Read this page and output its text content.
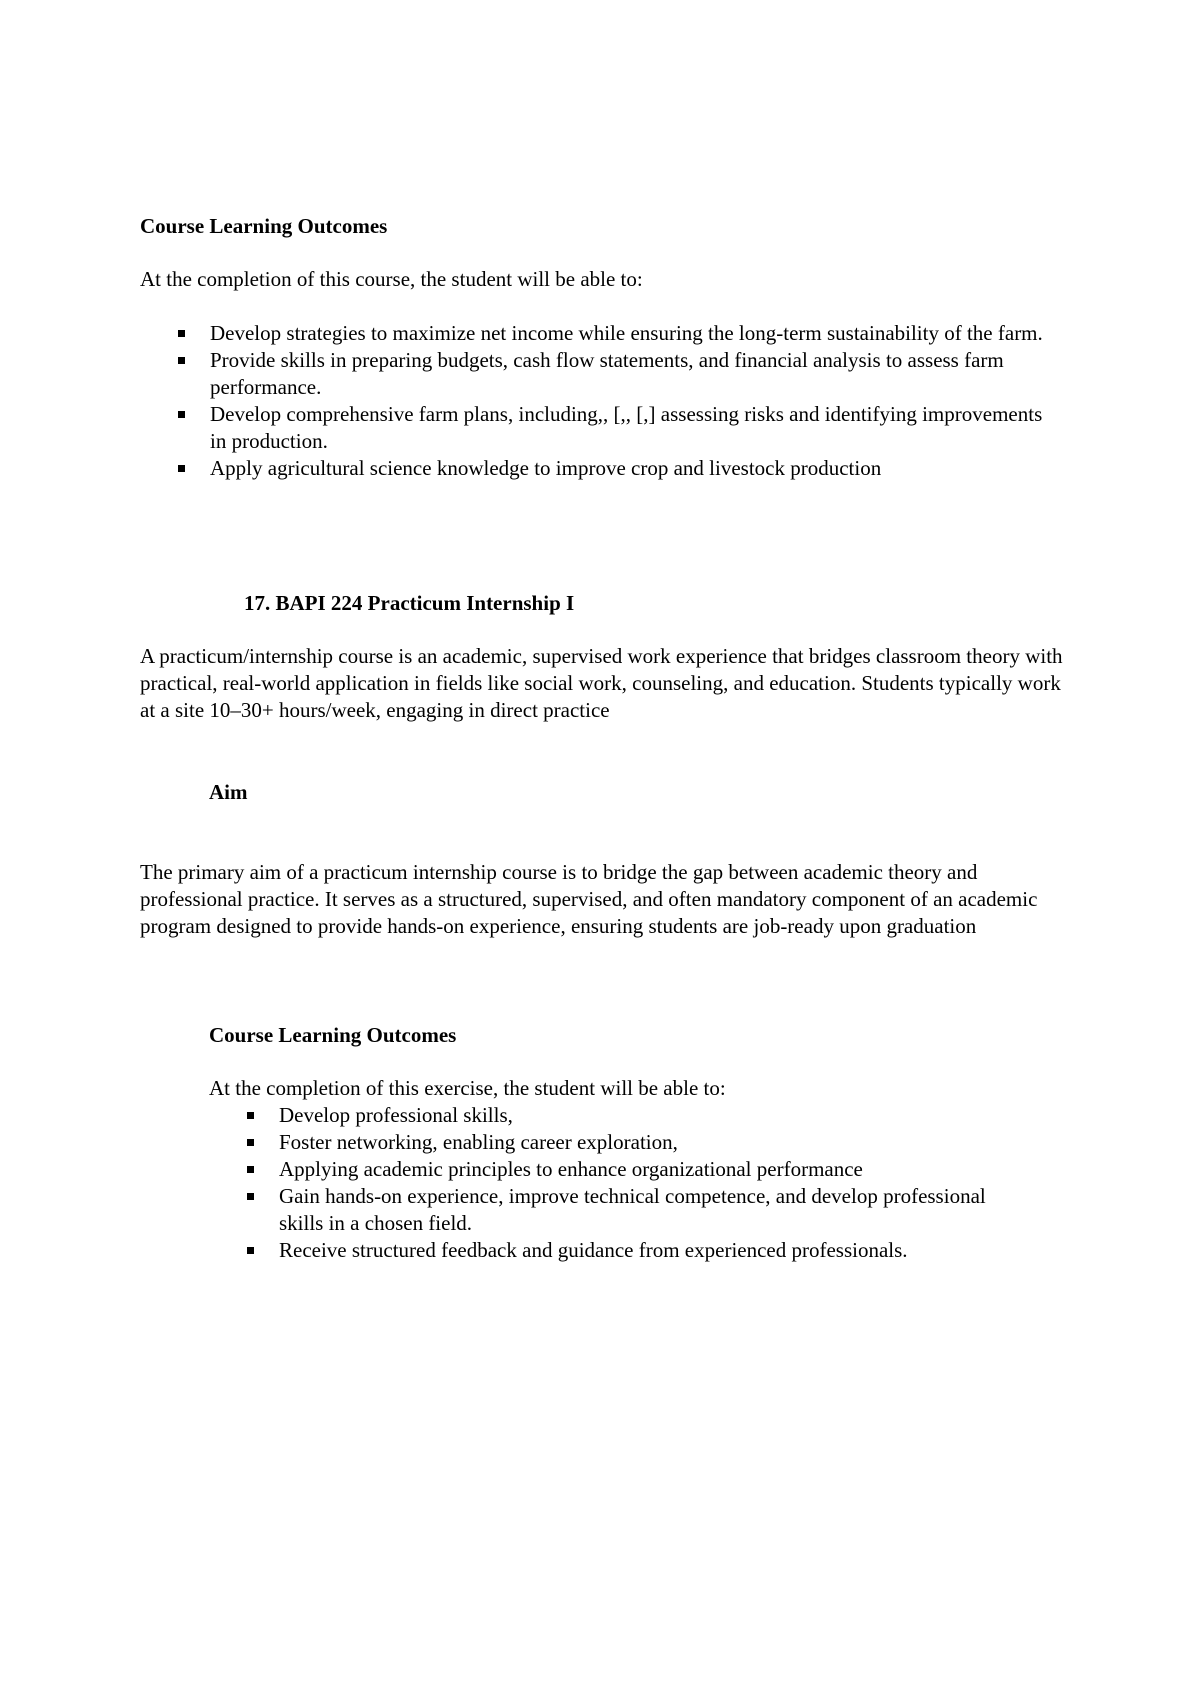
Course Learning Outcomes

At the completion of this course, the student will be able to:

Develop strategies to maximize net income while ensuring the long-term sustainability of the farm.
Provide skills in preparing budgets, cash flow statements, and financial analysis to assess farm performance.
Develop comprehensive farm plans, including,, [,, [,] assessing risks and identifying improvements in production.
Apply agricultural science knowledge to improve crop and livestock production

17. BAPI 224 Practicum Internship I

A practicum/internship course is an academic, supervised work experience that bridges classroom theory with practical, real-world application in fields like social work, counseling, and education. Students typically work at a site 10–30+ hours/week, engaging in direct practice

Aim

The primary aim of a practicum internship course is to bridge the gap between academic theory and professional practice. It serves as a structured, supervised, and often mandatory component of an academic program designed to provide hands-on experience, ensuring students are job-ready upon graduation

Course Learning Outcomes

At the completion of this exercise, the student will be able to:

Develop professional skills,
Foster networking, enabling career exploration,
Applying academic principles to enhance organizational performance
Gain hands-on experience, improve technical competence, and develop professional skills in a chosen field.
Receive structured feedback and guidance from experienced professionals.
